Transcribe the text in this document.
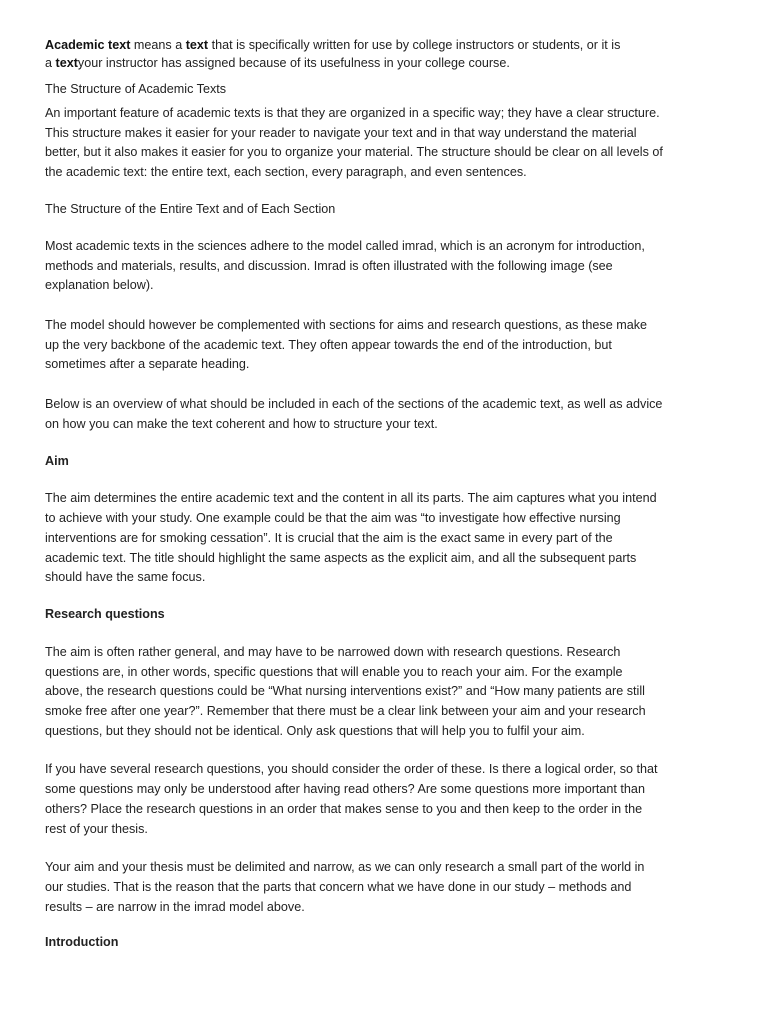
Academic text means a text that is specifically written for use by college instructors or students, or it is
a textyour instructor has assigned because of its usefulness in your college course.
The Structure of Academic Texts
An important feature of academic texts is that they are organized in a specific way; they have a clear structure.
This structure makes it easier for your reader to navigate your text and in that way understand the material
better, but it also makes it easier for you to organize your material. The structure should be clear on all levels of
the academic text: the entire text, each section, every paragraph, and even sentences.
The Structure of the Entire Text and of Each Section
Most academic texts in the sciences adhere to the model called imrad, which is an acronym for introduction,
methods and materials, results, and discussion. Imrad is often illustrated with the following image (see
explanation below).
The model should however be complemented with sections for aims and research questions, as these make
up the very backbone of the academic text. They often appear towards the end of the introduction, but
sometimes after a separate heading.
Below is an overview of what should be included in each of the sections of the academic text, as well as advice
on how you can make the text coherent and how to structure your text.
Aim
The aim determines the entire academic text and the content in all its parts. The aim captures what you intend
to achieve with your study. One example could be that the aim was “to investigate how effective nursing
interventions are for smoking cessation”. It is crucial that the aim is the exact same in every part of the
academic text. The title should highlight the same aspects as the explicit aim, and all the subsequent parts
should have the same focus.
Research questions
The aim is often rather general, and may have to be narrowed down with research questions. Research
questions are, in other words, specific questions that will enable you to reach your aim. For the example
above, the research questions could be “What nursing interventions exist?” and “How many patients are still
smoke free after one year?”. Remember that there must be a clear link between your aim and your research
questions, but they should not be identical. Only ask questions that will help you to fulfil your aim.
If you have several research questions, you should consider the order of these. Is there a logical order, so that
some questions may only be understood after having read others? Are some questions more important than
others? Place the research questions in an order that makes sense to you and then keep to the order in the
rest of your thesis.
Your aim and your thesis must be delimited and narrow, as we can only research a small part of the world in
our studies. That is the reason that the parts that concern what we have done in our study – methods and
results – are narrow in the imrad model above.
Introduction
